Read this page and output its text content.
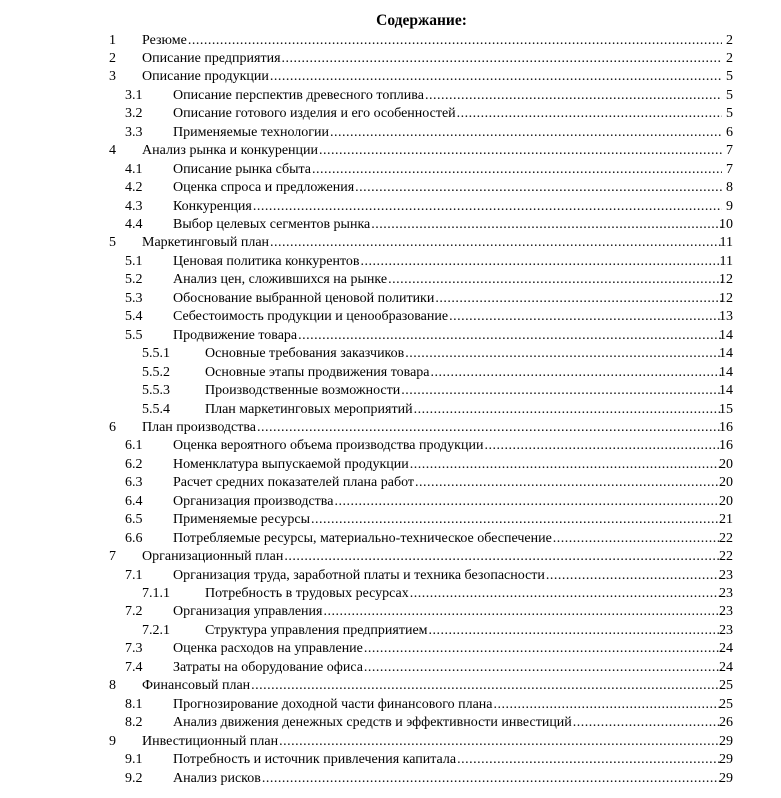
Содержание:
1 Резюме .....	2
2 Описание предприятия .....	2
3 Описание продукции .....	5
3.1 Описание перспектив древесного топлива .....	5
3.2 Описание готового изделия и его особенностей .....	5
3.3 Применяемые технологии .....	6
4 Анализ рынка и конкуренции .....	7
4.1 Описание рынка сбыта .....	7
4.2 Оценка спроса и предложения .....	8
4.3 Конкуренция .....	9
4.4 Выбор целевых сегментов рынка .....	10
5 Маркетинговый план .....	11
5.1 Ценовая политика конкурентов .....	11
5.2 Анализ цен, сложившихся на рынке .....	12
5.3 Обоснование выбранной ценовой политики .....	12
5.4 Себестоимость продукции и ценообразование .....	13
5.5 Продвижение товара .....	14
5.5.1	Основные требования заказчиков .....	14
5.5.2	Основные этапы продвижения товара .....	14
5.5.3	Производственные возможности .....	14
5.5.4	План маркетинговых мероприятий .....	15
6 План производства .....	16
6.1 Оценка вероятного объема производства продукции .....	16
6.2 Номенклатура выпускаемой продукции .....	20
6.3 Расчет средних показателей плана работ .....	20
6.4 Организация производства .....	20
6.5 Применяемые ресурсы .....	21
6.6 Потребляемые ресурсы, материально-техническое обеспечение .....	22
7 Организационный план .....	22
7.1 Организация труда, заработной платы и техника безопасности .....	23
7.1.1	Потребность в трудовых ресурсах .....	23
7.2 Организация управления .....	23
7.2.1	Структура управления предприятием .....	23
7.3 Оценка расходов на управление .....	24
7.4 Затраты на оборудование офиса .....	24
8 Финансовый план .....	25
8.1 Прогнозирование доходной части финансового плана .....	25
8.2 Анализ движения денежных средств и эффективности инвестиций .....	26
9 Инвестиционный план .....	29
9.1 Потребность и источник привлечения капитала .....	29
9.2 Анализ рисков .....	29
